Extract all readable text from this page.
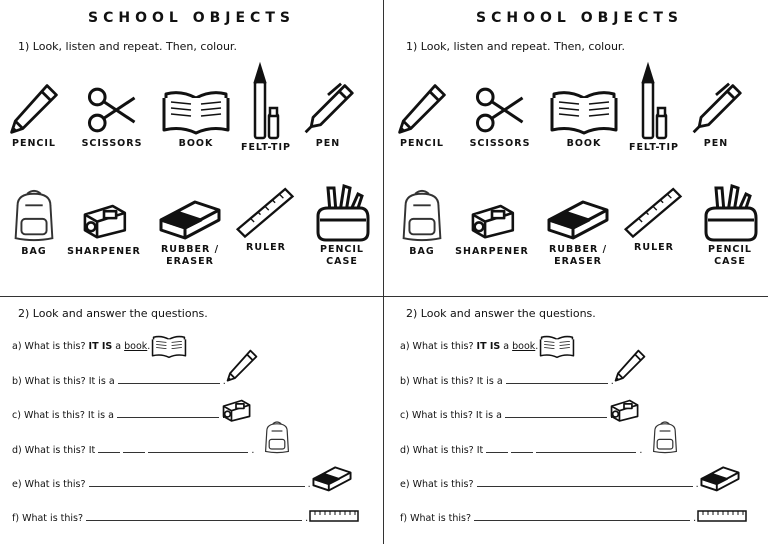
SCHOOL OBJECTS
1) Look, listen and repeat. Then, colour.
PENCIL	SCISSORS	BOOK	FELT-TIP	PEN
BAG	SHARPENER	RUBBER / ERASER
RULER	PENCIL CASE
2) Look and answer the questions.
a) What is this? IT IS a book.
b) What is this? It is a	.
c) What is this? It is a
d) What is this? It	.
e) What is this?	.
f) What is this?	.
SCHOOL OBJECTS
1) Look, listen and repeat. Then, colour.
PENCIL	SCISSORS	BOOK	FELT-TIP	PEN
BAG	SHARPENER	RUBBER / ERASER
RULER	PENCIL CASE
2) Look and answer the questions.
a) What is this? IT IS a book.
b) What is this? It is a	.
c) What is this? It is a
d) What is this? It	.
e) What is this?	.
f) What is this?	.
